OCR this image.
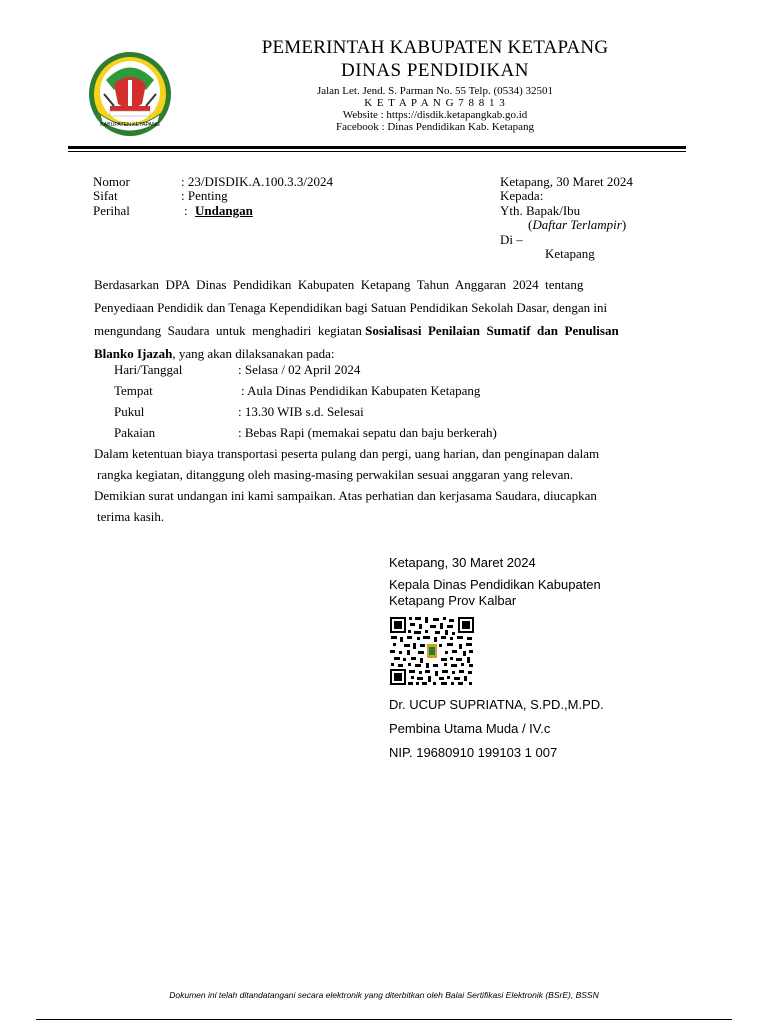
KABUPATEN KETAPANG
PEMERINTAH KABUPATEN KETAPANG
DINAS PENDIDIKAN
Jalan Let. Jend. S. Parman No. 55 Telp. (0534) 32501
K E T A P A N G 7 8 8 1 3
Website : https://disdik.ketapangkab.go.id
Facebook : Dinas Pendidikan Kab. Ketapang
Nomor	: 23/DISDIK.A.100.3.3/2024
Sifat	: Penting
Perihal	: Undangan
Ketapang, 30 Maret 2024
Kepada:
Yth. Bapak/Ibu
(Daftar Terlampir)
Di –
Ketapang
Berdasarkan  DPA  Dinas  Pendidikan  Kabupaten  Ketapang  Tahun  Anggaran  2024  tentang
Penyediaan Pendidik dan Tenaga Kependidikan bagi Satuan Pendidikan Sekolah Dasar, dengan ini
mengundang  Saudara  untuk  menghadiri  kegiatan Sosialisasi  Penilaian  Sumatif  dan  Penulisan
Blanko Ijazah, yang akan dilaksanakan pada:
Hari/Tanggal	: Selasa / 02 April 2024
Tempat	: Aula Dinas Pendidikan Kabupaten Ketapang
Pukul	: 13.30 WIB s.d. Selesai
Pakaian	: Bebas Rapi (memakai sepatu dan baju berkerah)
Dalam ketentuan biaya transportasi peserta pulang dan pergi, uang harian, dan penginapan dalam
rangka kegiatan, ditanggung oleh masing-masing perwakilan sesuai anggaran yang relevan.
Demikian surat undangan ini kami sampaikan. Atas perhatian dan kerjasama Saudara, diucapkan
terima kasih.
Ketapang, 30 Maret 2024
Kepala Dinas Pendidikan Kabupaten
Ketapang Prov Kalbar
Dr. UCUP SUPRIATNA, S.PD.,M.PD.
Pembina Utama Muda / IV.c
NIP. 19680910 199103 1 007
Dokumen ini telah ditandatangani secara elektronik yang diterbitkan oleh Balai Sertifikasi Elektronik (BSrE), BSSN
